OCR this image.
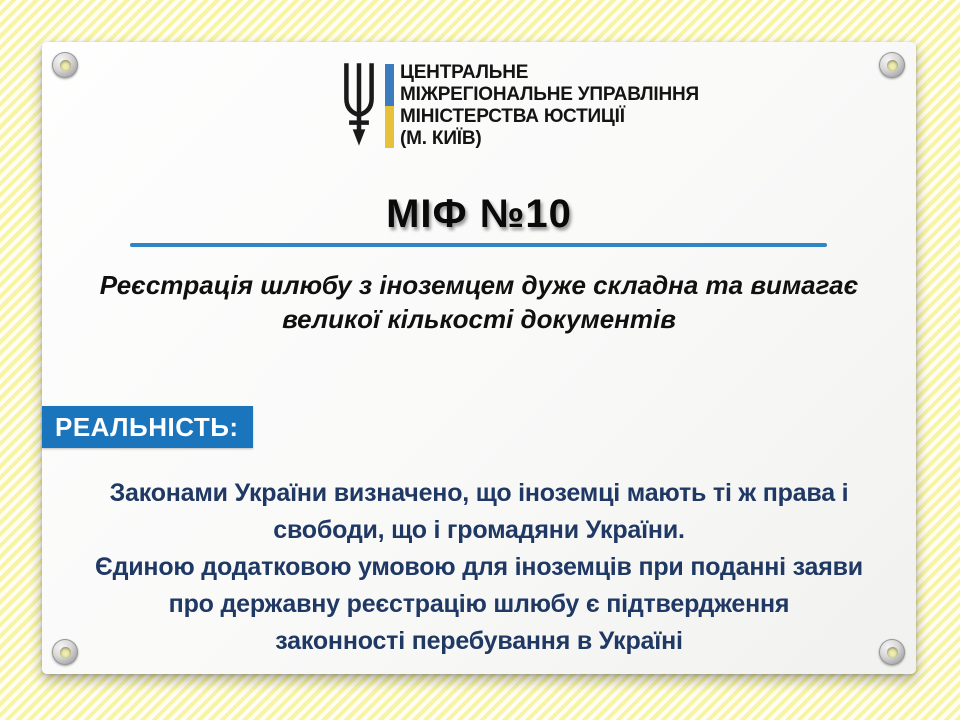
ЦЕНТРАЛЬНЕ
МІЖРЕГІОНАЛЬНЕ УПРАВЛІННЯ
МІНІСТЕРСТВА ЮСТИЦІЇ
(М. КИЇВ)
МІФ №10
Реєстрація шлюбу з іноземцем дуже складна та вимагає
великої кількості документів
РЕАЛЬНІСТЬ:
Законами України визначено, що іноземці мають ті ж права і
свободи, що і громадяни України.
Єдиною додатковою умовою для іноземців при поданні заяви
про державну реєстрацію шлюбу є підтвердження
законності перебування в Україні
